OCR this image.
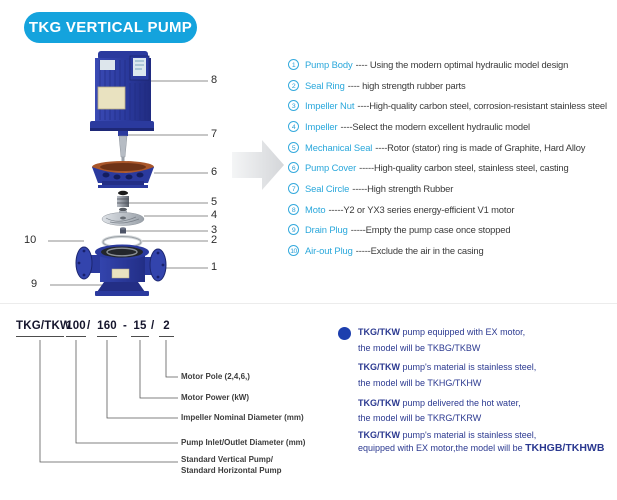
TKG VERTICAL PUMP
8
7
6
5
4
3
2
1
10
9
1	Pump Body ---- Using the modern optimal hydraulic model design
2	Seal Ring ---- high strength rubber parts
3	Impeller Nut ----High-quality carbon steel, corrosion-resistant stainless steel
4	Impeller ----Select the modern excellent hydraulic model
5	Mechanical Seal ----Rotor (stator) ring is made of Graphite, Hard Alloy
6	Pump Cover -----High-quality carbon steel, stainless steel, casting
7	Seal Circle -----High strength Rubber
8	Moto -----Y2 or YX3 series energy-efficient V1 motor
9	Drain Plug -----Empty the pump case once stopped
10 Air-out Plug -----Exclude the air in the casing
TKG/TKW
100 / 160 - 15 / 2
Motor Pole (2,4,6,)
Motor Power (kW)
Impeller Nominal Diameter (mm)
Pump Inlet/Outlet Diameter (mm)
Standard Vertical Pump/
Standard Horizontal Pump
TKG/TKW pump equipped with EX motor,
the model will be TKBG/TKBW
TKG/TKW pump's material is stainless steel,
the model will be TKHG/TKHW
TKG/TKW pump delivered the hot water,
the model will be TKRG/TKRW
TKG/TKW pump's material is stainless steel,
equipped with EX motor,the model will be TKHGB/TKHWB
